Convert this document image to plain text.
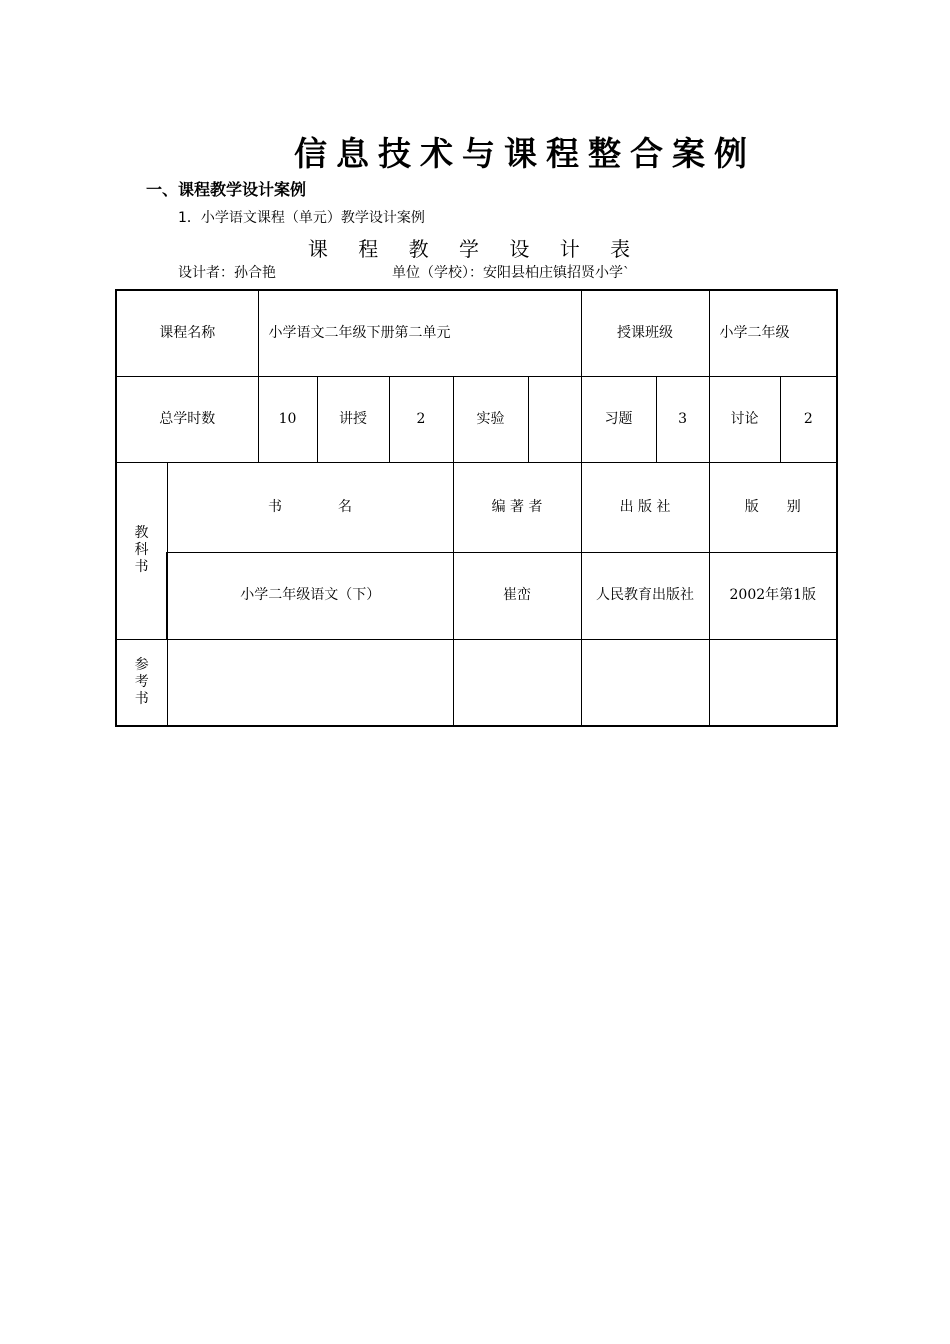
信息技术与课程整合案例
一、课程教学设计案例
1．小学语文课程（单元）教学设计案例
课 程 教 学 设 计 表
设计者：孙合艳	单位（学校）：安阳县柏庄镇招贤小学`
课程名称		小学语文二年级下册第二单元					授课班级		小学二年级	
总学时数		10	讲授	2	实验		习题	3	讨论	2
教科书	书　　　　名				编 著 者		出 版 社		版　　别	
	小学二年级语文（下）				崔峦		人民教育出版社		2002年第1版	
参考书										
